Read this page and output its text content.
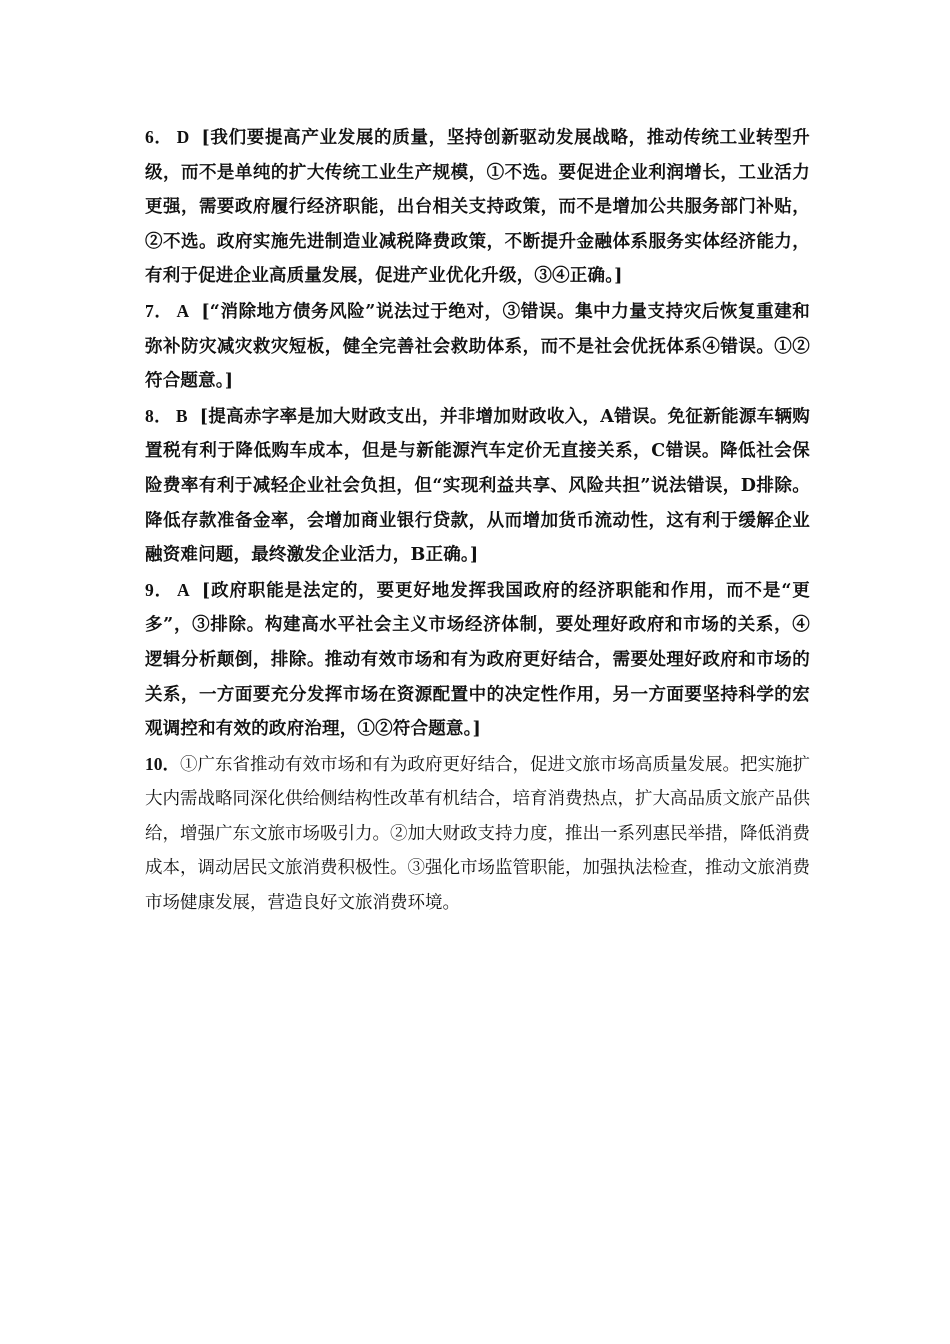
6． D [我们要提高产业发展的质量，坚持创新驱动发展战略，推动传统工业转型升级，而不是单纯的扩大传统工业生产规模，①不选。要促进企业利润增长，工业活力更强，需要政府履行经济职能，出台相关支持政策，而不是增加公共服务部门补贴，②不选。政府实施先进制造业减税降费政策，不断提升金融体系服务实体经济能力，有利于促进企业高质量发展，促进产业优化升级，③④正确。]
7． A [“消除地方债务风险”说法过于绝对，③错误。集中力量支持灾后恢复重建和弥补防灾减灾救灾短板，健全完善社会救助体系，而不是社会优抚体系④错误。①②符合题意。]
8． B [提高赤字率是加大财政支出，并非增加财政收入，A错误。免征新能源车辆购置税有利于降低购车成本，但是与新能源汽车定价无直接关系，C错误。降低社会保险费率有利于减轻企业社会负担，但“实现利益共享、风险共担”说法错误，D排除。降低存款准备金率，会增加商业银行贷款，从而增加货币流动性，这有利于缓解企业融资难问题，最终激发企业活力，B正确。]
9． A [政府职能是法定的，要更好地发挥我国政府的经济职能和作用，而不是“更多”，③排除。构建高水平社会主义市场经济体制，要处理好政府和市场的关系，④逻辑分析颠倒，排除。推动有效市场和有为政府更好结合，需要处理好政府和市场的关系，一方面要充分发挥市场在资源配置中的决定性作用，另一方面要坚持科学的宏观调控和有效的政府治理，①②符合题意。]
10．①广东省推动有效市场和有为政府更好结合，促进文旅市场高质量发展。把实施扩大内需战略同深化供给侧结构性改革有机结合，培育消费热点，扩大高品质文旅产品供给，增强广东文旅市场吸引力。②加大财政支持力度，推出一系列惠民举措，降低消费成本，调动居民文旅消费积极性。③强化市场监管职能，加强执法检查，推动文旅消费市场健康发展，营造良好文旅消费环境。
